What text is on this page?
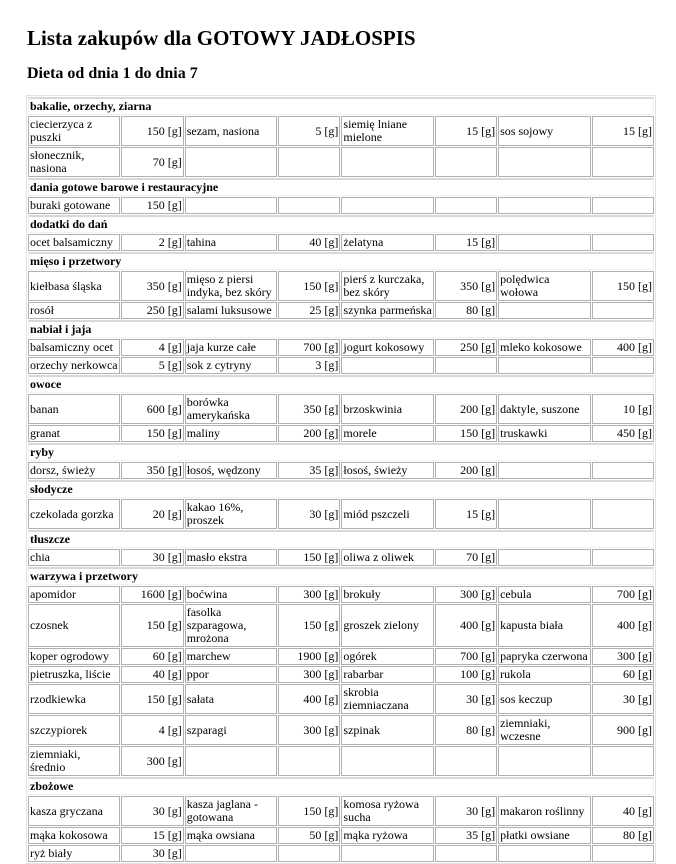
Lista zakupów dla GOTOWY JADŁOSPIS
Dieta od dnia 1 do dnia 7
bakalie, orzechy, ziarna							
ciecierzyca z puszki	150 [g]	sezam, nasiona	5 [g]	siemię lniane mielone	15 [g]	sos sojowy	15 [g]
słonecznik, nasiona	70 [g]						
dania gotowe barowe i restauracyjne							
buraki gotowane	150 [g]						
dodatki do dań							
ocet balsamiczny	2 [g]	tahina	40 [g]	żelatyna	15 [g]		
mięso i przetwory							
kiełbasa śląska	350 [g]	mięso z piersi indyka, bez skóry	150 [g]	pierś z kurczaka, bez skóry	350 [g]	polędwica wołowa	150 [g]
rosół	250 [g]	salami luksusowe	25 [g]	szynka parmeńska	80 [g]		
nabiał i jaja							
balsamiczny ocet	4 [g]	jaja kurze całe	700 [g]	jogurt kokosowy	250 [g]	mleko kokosowe	400 [g]
orzechy nerkowca	5 [g]	sok z cytryny	3 [g]				
owoce							
banan	600 [g]	borówka amerykańska	350 [g]	brzoskwinia	200 [g]	daktyle, suszone	10 [g]
granat	150 [g]	maliny	200 [g]	morele	150 [g]	truskawki	450 [g]
ryby							
dorsz, świeży	350 [g]	łosoś, wędzony	35 [g]	łosoś, świeży	200 [g]		
słodycze							
czekolada gorzka	20 [g]	kakao 16%, proszek	30 [g]	miód pszczeli	15 [g]		
tłuszcze							
chia	30 [g]	masło ekstra	150 [g]	oliwa z oliwek	70 [g]		
warzywa i przetwory							
apomidor	1600 [g]	boćwina	300 [g]	brokuły	300 [g]	cebula	700 [g]
czosnek	150 [g]	fasolka szparagowa, mrożona	150 [g]	groszek zielony	400 [g]	kapusta biała	400 [g]
koper ogrodowy	60 [g]	marchew	1900 [g]	ogórek	700 [g]	papryka czerwona	300 [g]
pietruszka, liście	40 [g]	ppor	300 [g]	rabarbar	100 [g]	rukola	60 [g]
rzodkiewka	150 [g]	sałata	400 [g]	skrobia ziemniaczana	30 [g]	sos keczup	30 [g]
szczypiorek	4 [g]	szparagi	300 [g]	szpinak	80 [g]	ziemniaki, wczesne	900 [g]
ziemniaki, średnio	300 [g]						
zbożowe							
kasza gryczana	30 [g]	kasza jaglana - gotowana	150 [g]	komosa ryżowa sucha	30 [g]	makaron roślinny	40 [g]
mąka kokosowa	15 [g]	mąka owsiana	50 [g]	mąka ryżowa	35 [g]	płatki owsiane	80 [g]
ryż biały	30 [g]						
